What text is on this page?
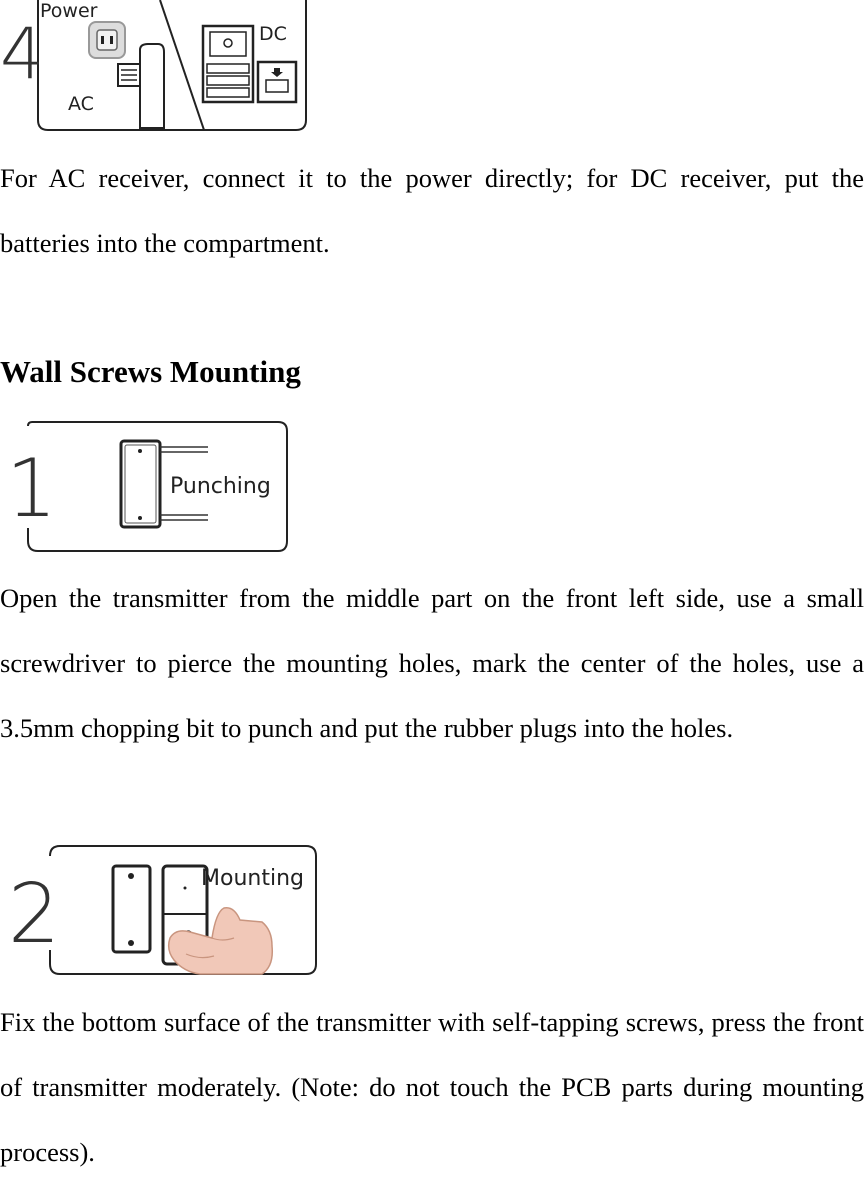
4
Power
AC
DC

For AC receiver, connect it to the power directly; for DC receiver, put the batteries into the compartment.

Wall Screws Mounting
1	Punching

Open the transmitter from the middle part on the front left side, use a small screwdriver to pierce the mounting holes, mark the center of the holes, use a 3.5mm chopping bit to punch and put the rubber plugs into the holes.

2	Mounting

Fix the bottom surface of the transmitter with self-tapping screws, press the front of transmitter moderately. (Note: do not touch the PCB parts during mounting process).
